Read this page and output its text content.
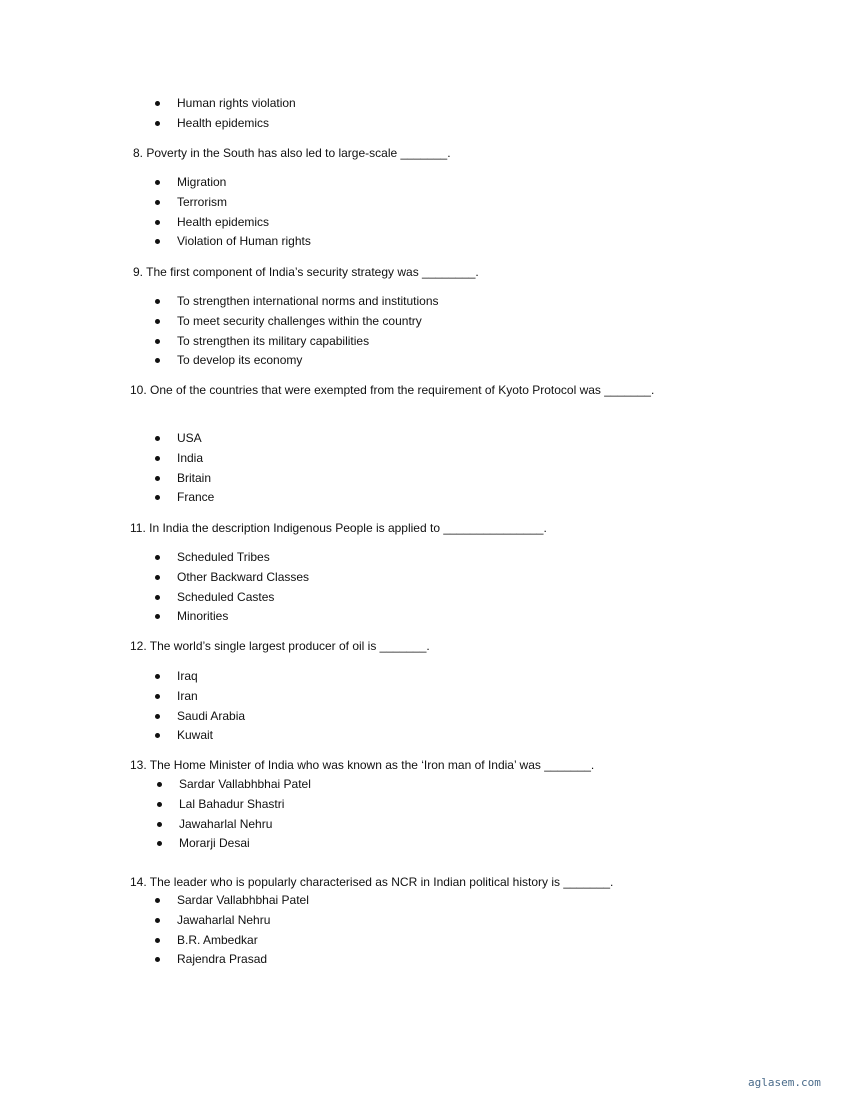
Human rights violation
Health epidemics

8. Poverty in the South has also led to large-scale _______.

Migration
Terrorism
Health epidemics
Violation of Human rights

9. The first component of India’s security strategy was ________.

To strengthen international norms and institutions
To meet security challenges within the country
To strengthen its military capabilities
To develop its economy

10. One of the countries that were exempted from the requirement of Kyoto Protocol was _______.

USA
India
Britain
France

11. In India the description Indigenous People is applied to _______________.

Scheduled Tribes
Other Backward Classes
Scheduled Castes
Minorities

12. The world’s single largest producer of oil is _______.

Iraq
Iran
Saudi Arabia
Kuwait

13. The Home Minister of India who was known as the ‘Iron man of India’ was _______.

Sardar Vallabhbhai Patel
Lal Bahadur Shastri
Jawaharlal Nehru
Morarji Desai

14. The leader who is popularly characterised as NCR in Indian political history is _______.

Sardar Vallabhbhai Patel
Jawaharlal Nehru
B.R. Ambedkar
Rajendra Prasad
aglasem.com
